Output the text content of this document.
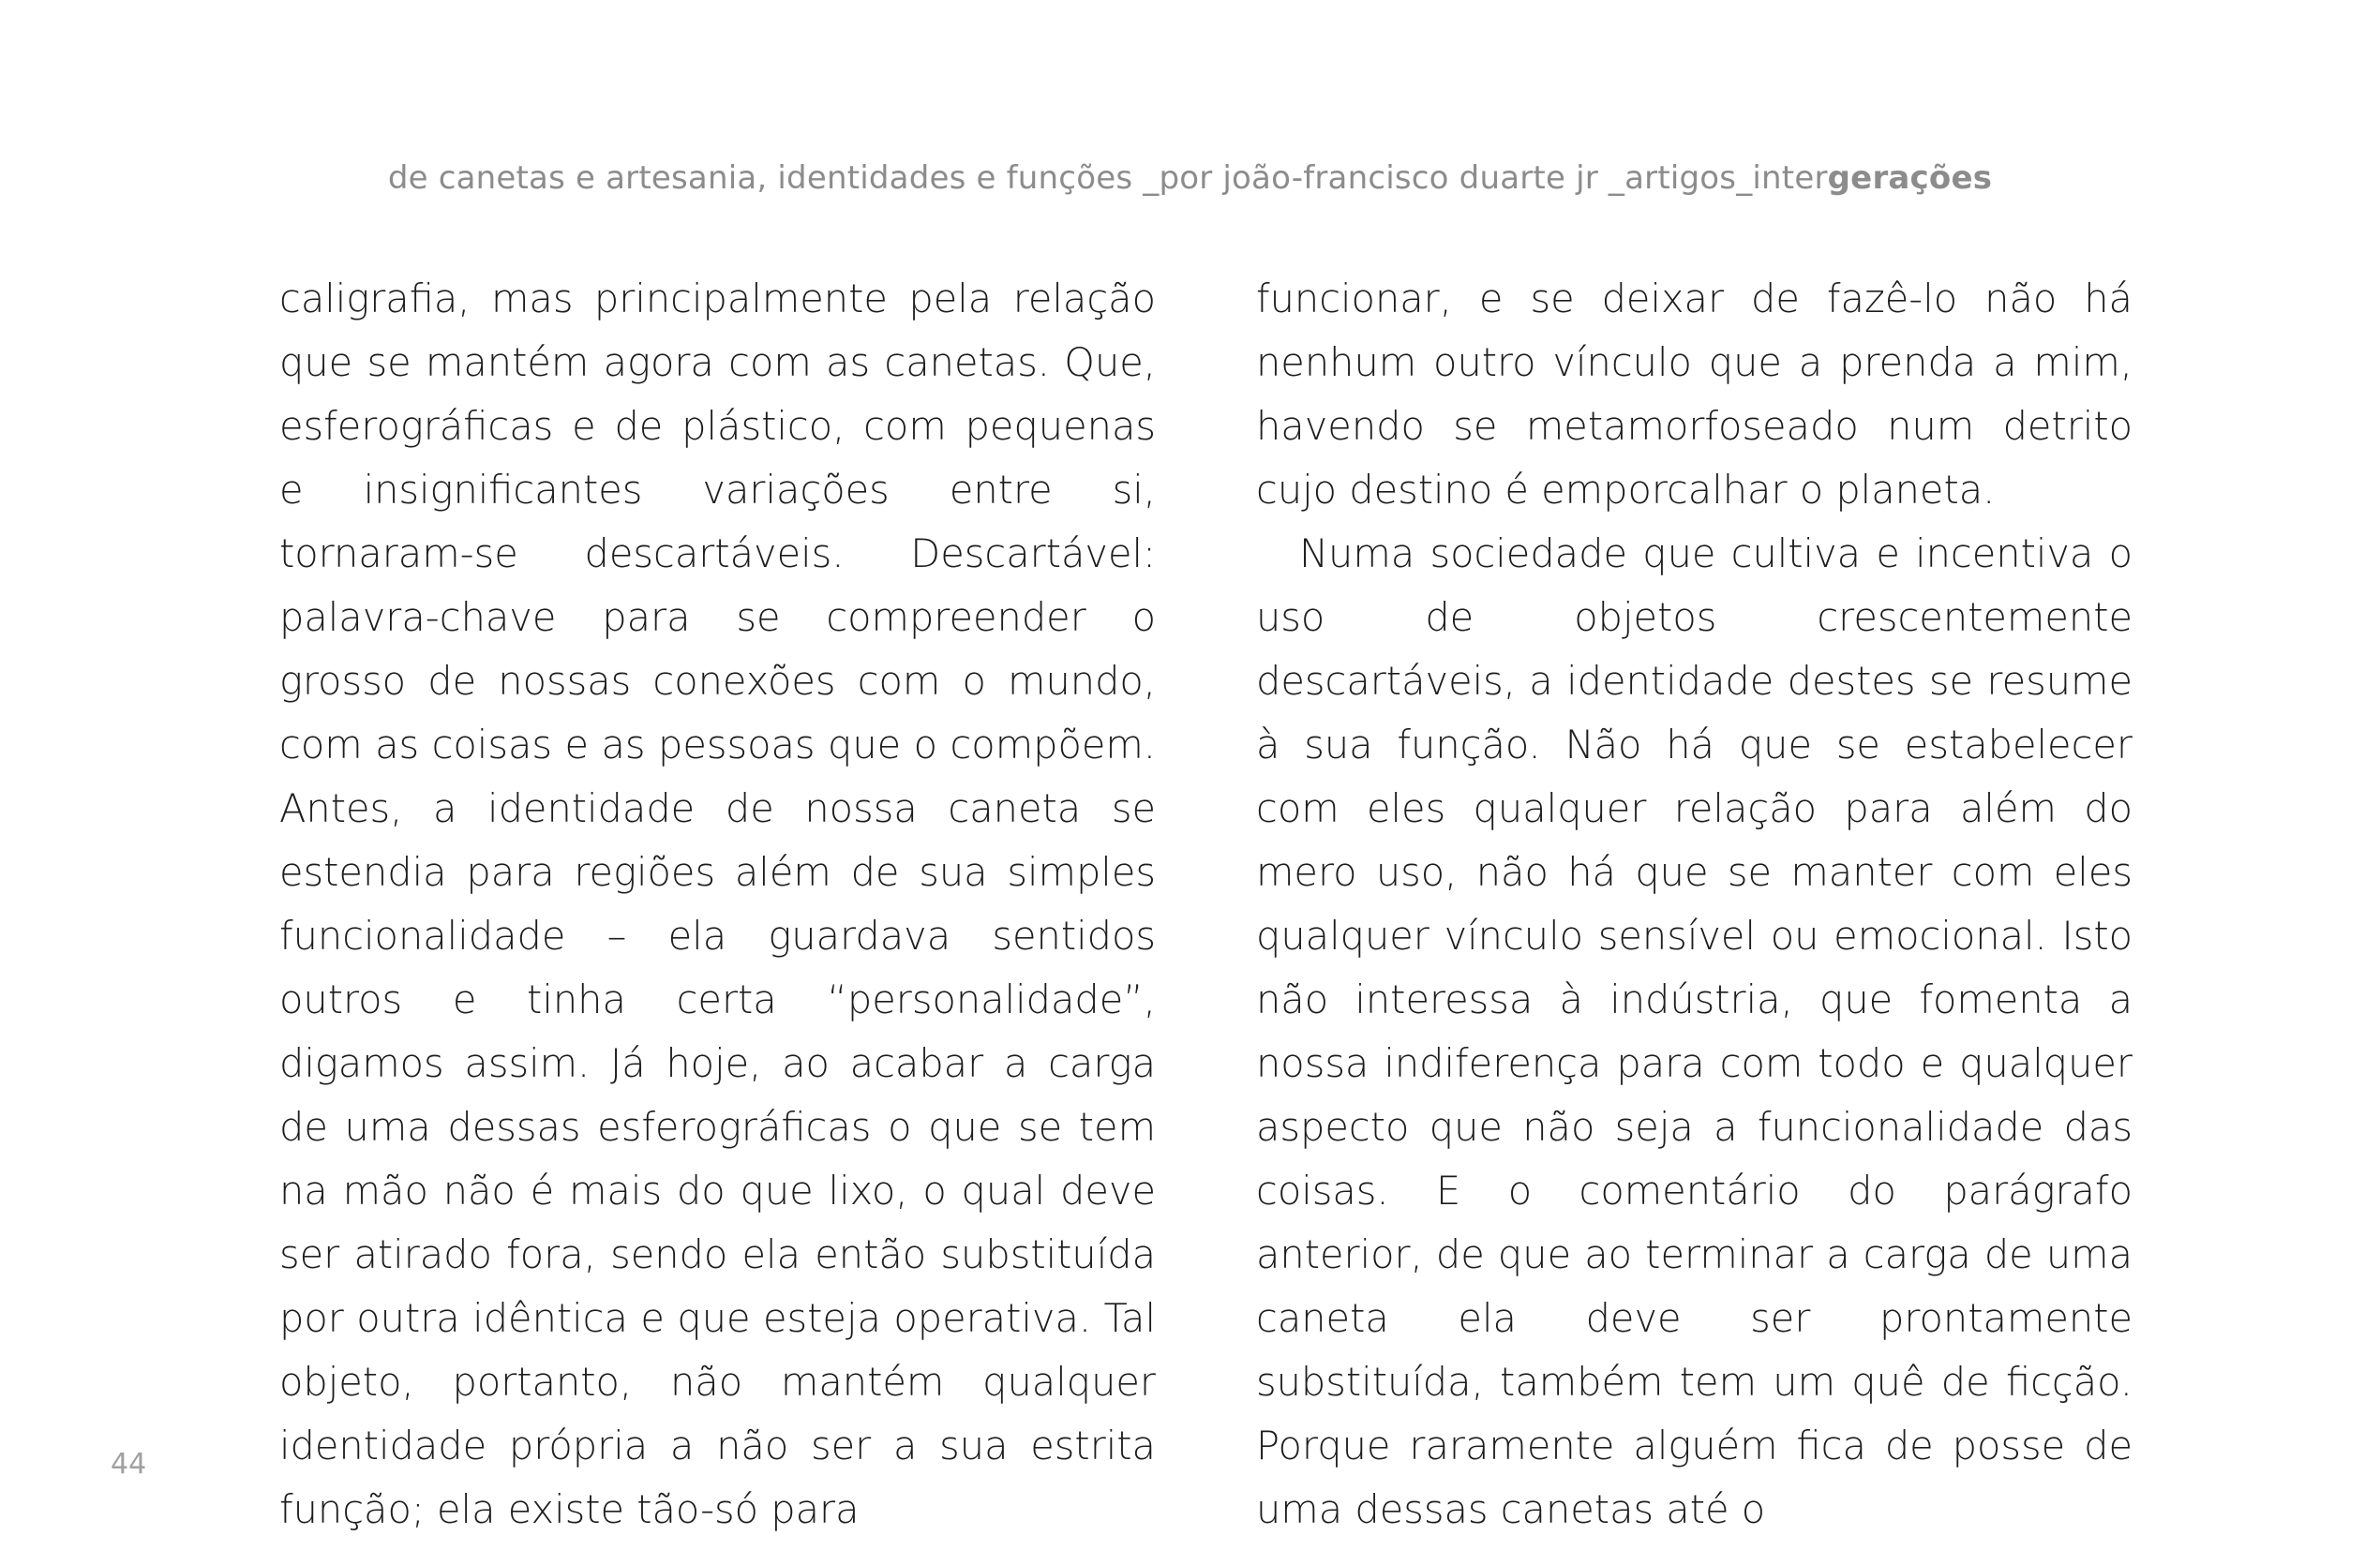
de canetas e artesania, identidades e funções _por joão-francisco duarte jr _artigos_intergerações

caligrafia, mas principalmente pela relação que se mantém agora com as canetas. Que, esferográficas e de plástico, com pequenas e insignificantes variações entre si, tornaram-se descartáveis. Descartável: palavra-chave para se compreender o grosso de nossas conexões com o mundo, com as coisas e as pessoas que o compõem. Antes, a identidade de nossa caneta se estendia para regiões além de sua simples funcionalidade – ela guardava sentidos outros e tinha certa “personalidade”, digamos assim. Já hoje, ao acabar a carga de uma dessas esferográficas o que se tem na mão não é mais do que lixo, o qual deve ser atirado fora, sendo ela então substituída por outra idêntica e que esteja operativa. Tal objeto, portanto, não mantém qualquer identidade própria a não ser a sua estrita função; ela existe tão-só para

funcionar, e se deixar de fazê-lo não há nenhum outro vínculo que a prenda a mim, havendo se metamorfoseado num detrito cujo destino é emporcalhar o planeta.

Numa sociedade que cultiva e incentiva o uso de objetos crescentemente descartáveis, a identidade destes se resume à sua função. Não há que se estabelecer com eles qualquer relação para além do mero uso, não há que se manter com eles qualquer vínculo sensível ou emocional. Isto não interessa à indústria, que fomenta a nossa indiferença para com todo e qualquer aspecto que não seja a funcionalidade das coisas. E o comentário do parágrafo anterior, de que ao terminar a carga de uma caneta ela deve ser prontamente substituída, também tem um quê de ficção. Porque raramente alguém fica de posse de uma dessas canetas até o

44
